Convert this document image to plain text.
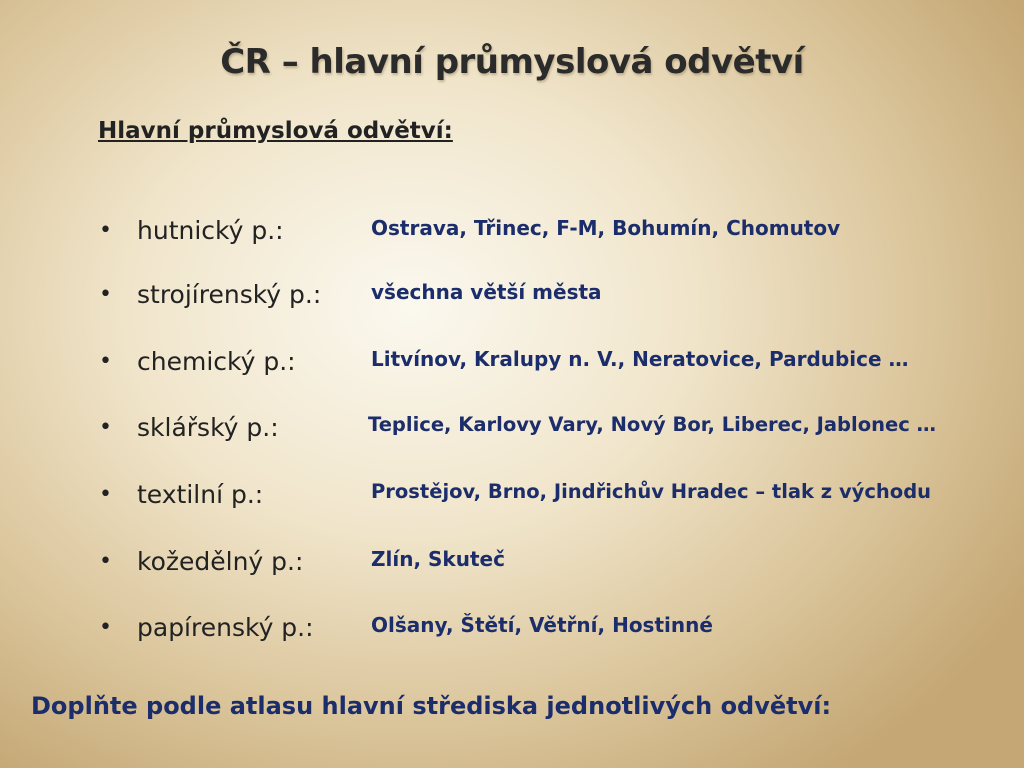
ČR – hlavní průmyslová odvětví
Hlavní průmyslová odvětví:
• hutnický p.:	Ostrava, Třinec, F-M, Bohumín, Chomutov
• strojírenský p.: všechna větší města
• chemický p.:	Litvínov, Kralupy n. V., Neratovice, Pardubice …
• sklářský p.:	Teplice, Karlovy Vary, Nový Bor, Liberec, Jablonec …
• textilní p.:	Prostějov, Brno, Jindřichův Hradec – tlak z východu
• kožedělný p.:	Zlín, Skuteč
• papírenský p.:	Olšany, Štětí, Větřní, Hostinné
Doplňte podle atlasu hlavní střediska jednotlivých odvětví:
